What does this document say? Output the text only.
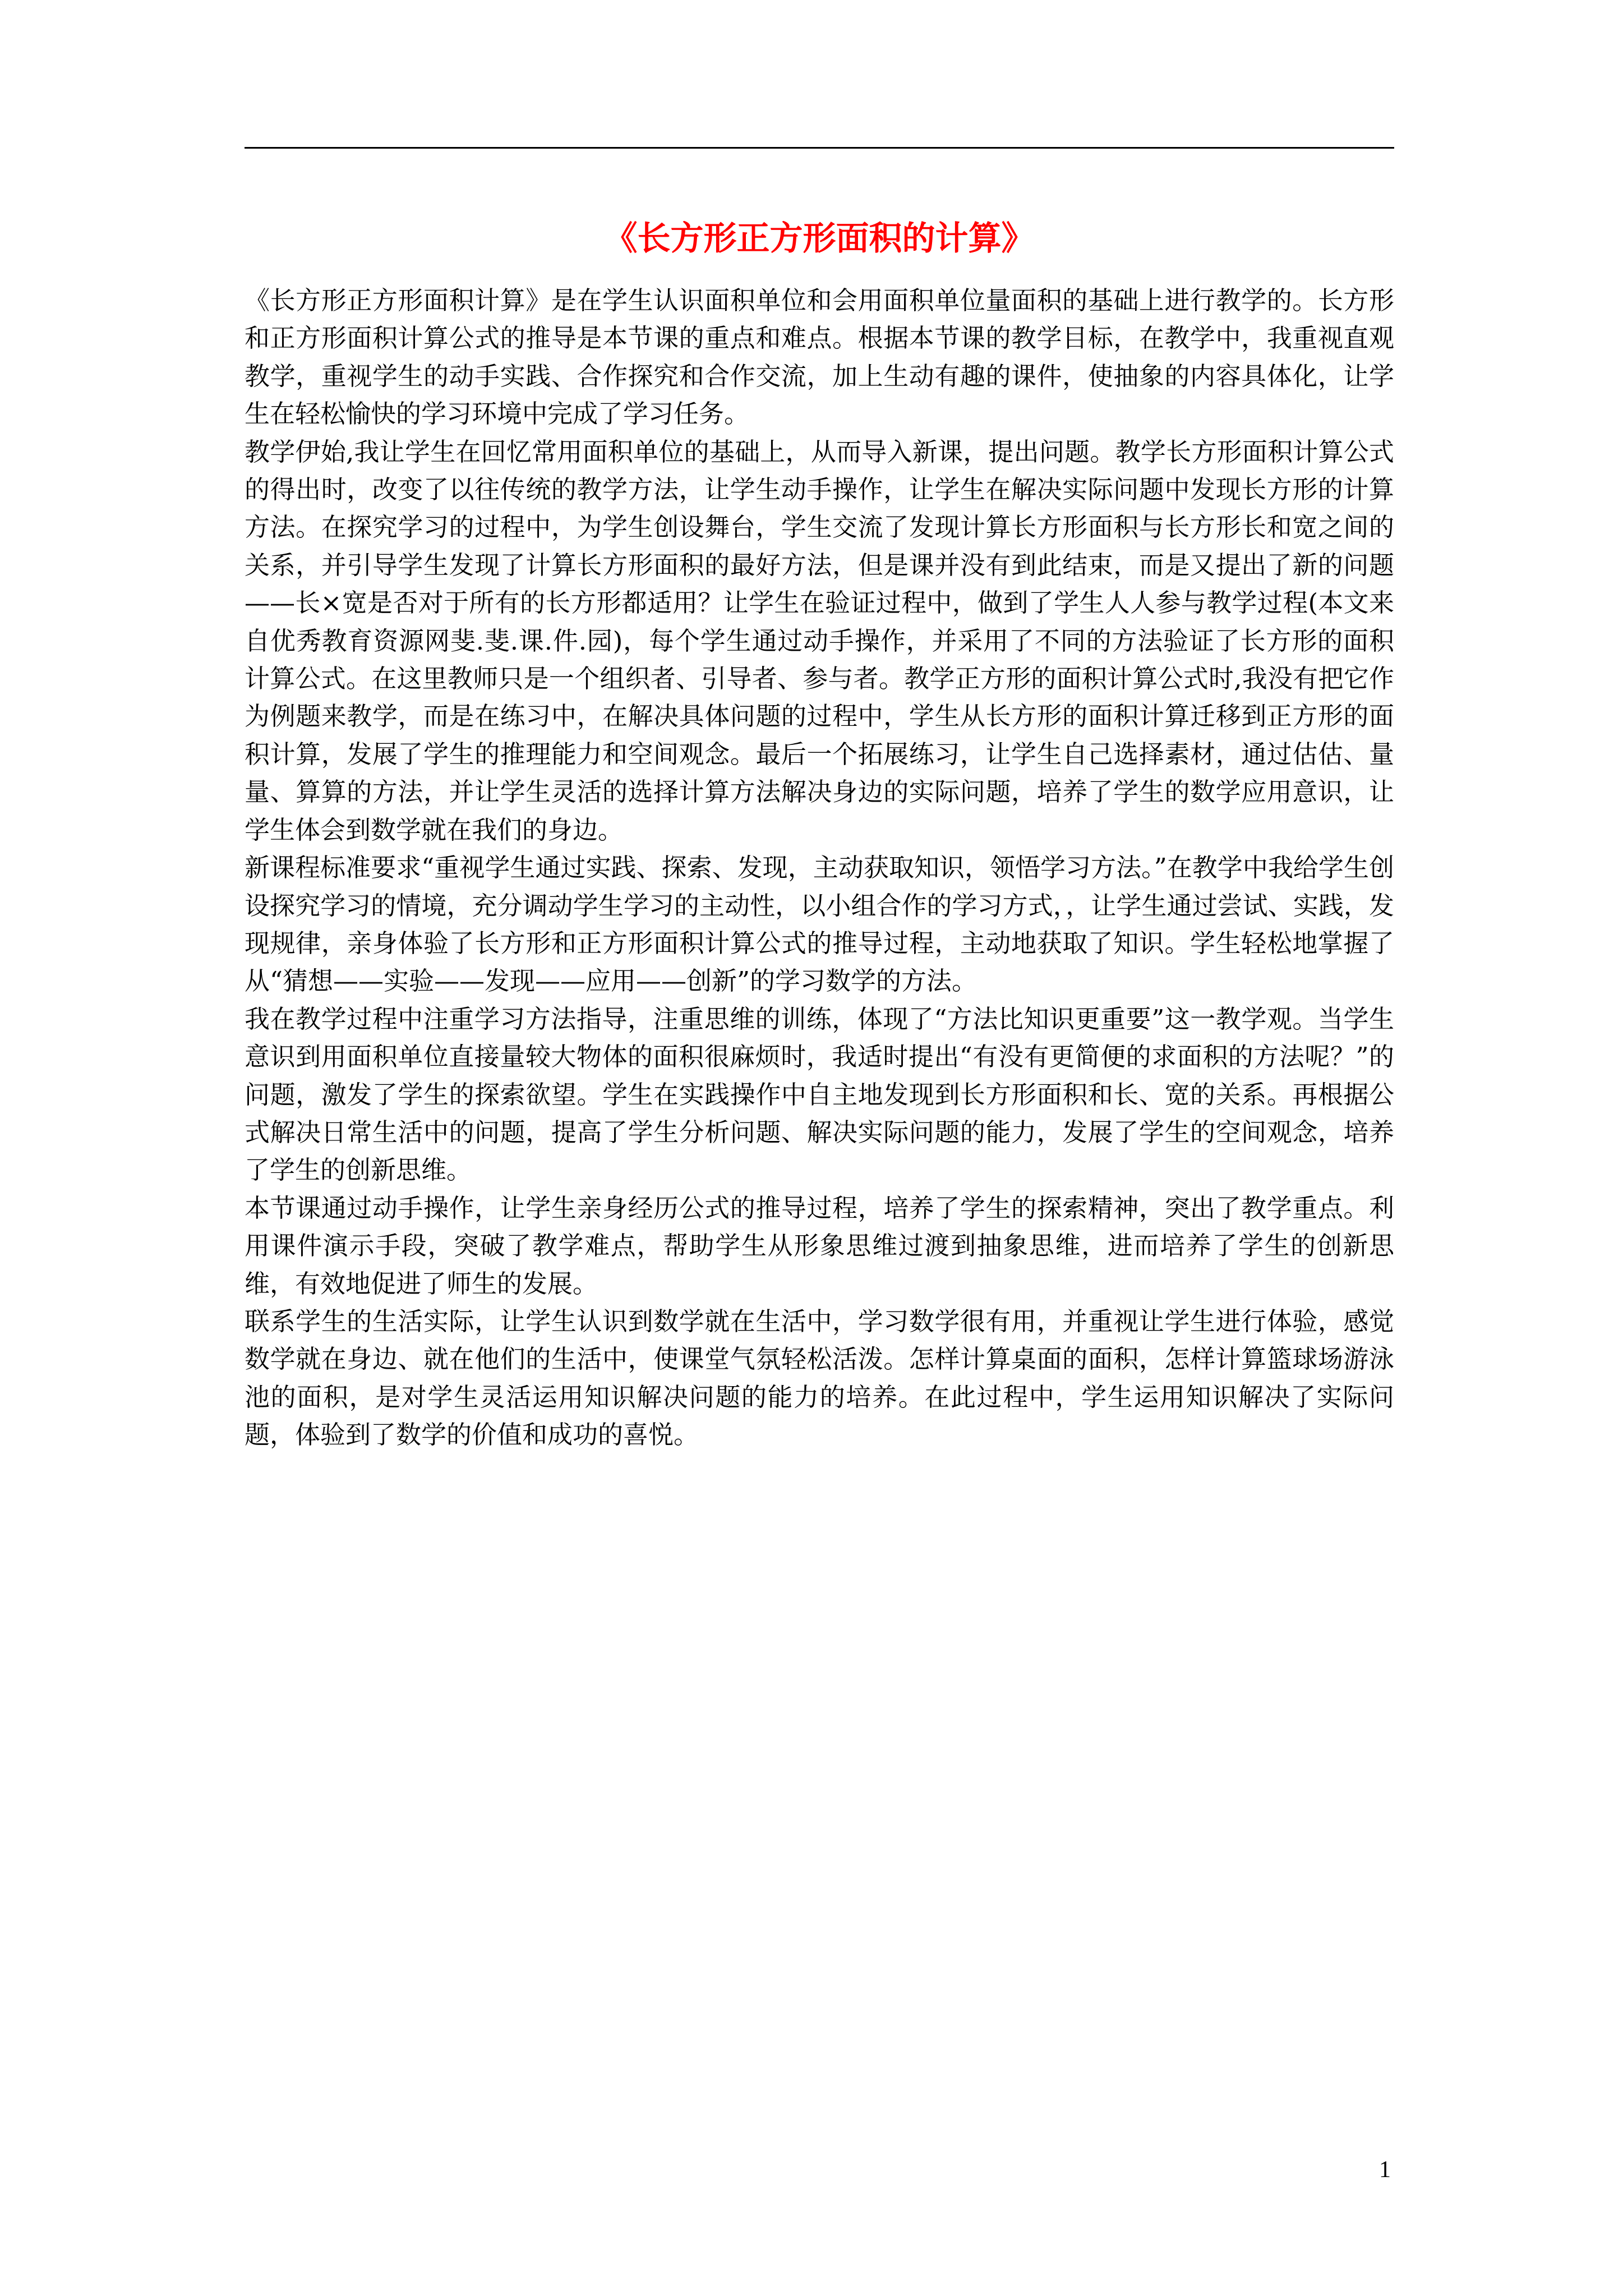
《长方形正方形面积的计算》

《长方形正方形面积计算》是在学生认识面积单位和会用面积单位量面积的基础上进行教学的。长方形和正方形面积计算公式的推导是本节课的重点和难点。根据本节课的教学目标，在教学中，我重视直观教学，重视学生的动手实践、合作探究和合作交流，加上生动有趣的课件，使抽象的内容具体化，让学生在轻松愉快的学习环境中完成了学习任务。

教学伊始,我让学生在回忆常用面积单位的基础上，从而导入新课，提出问题。教学长方形面积计算公式的得出时，改变了以往传统的教学方法，让学生动手操作，让学生在解决实际问题中发现长方形的计算方法。在探究学习的过程中，为学生创设舞台，学生交流了发现计算长方形面积与长方形长和宽之间的关系，并引导学生发现了计算长方形面积的最好方法，但是课并没有到此结束，而是又提出了新的问题——长×宽是否对于所有的长方形都适用？让学生在验证过程中，做到了学生人人参与教学过程(本文来自优秀教育资源网斐.斐.课.件.园)，每个学生通过动手操作，并采用了不同的方法验证了长方形的面积计算公式。在这里教师只是一个组织者、引导者、参与者。教学正方形的面积计算公式时,我没有把它作为例题来教学，而是在练习中，在解决具体问题的过程中，学生从长方形的面积计算迁移到正方形的面积计算，发展了学生的推理能力和空间观念。最后一个拓展练习，让学生自己选择素材，通过估估、量量、算算的方法，并让学生灵活的选择计算方法解决身边的实际问题，培养了学生的数学应用意识，让学生体会到数学就在我们的身边。

新课程标准要求“重视学生通过实践、探索、发现，主动获取知识，领悟学习方法。”在教学中我给学生创设探究学习的情境，充分调动学生学习的主动性，以小组合作的学习方式，，让学生通过尝试、实践，发现规律，亲身体验了长方形和正方形面积计算公式的推导过程，主动地获取了知识。学生轻松地掌握了从“猜想——实验——发现——应用——创新”的学习数学的方法。

我在教学过程中注重学习方法指导，注重思维的训练，体现了“方法比知识更重要”这一教学观。当学生意识到用面积单位直接量较大物体的面积很麻烦时，我适时提出“有没有更简便的求面积的方法呢？”的问题，激发了学生的探索欲望。学生在实践操作中自主地发现到长方形面积和长、宽的关系。再根据公式解决日常生活中的问题，提高了学生分析问题、解决实际问题的能力，发展了学生的空间观念，培养了学生的创新思维。

本节课通过动手操作，让学生亲身经历公式的推导过程，培养了学生的探索精神，突出了教学重点。利用课件演示手段，突破了教学难点，帮助学生从形象思维过渡到抽象思维，进而培养了学生的创新思维，有效地促进了师生的发展。

联系学生的生活实际，让学生认识到数学就在生活中，学习数学很有用，并重视让学生进行体验，感觉数学就在身边、就在他们的生活中，使课堂气氛轻松活泼。怎样计算桌面的面积，怎样计算篮球场游泳池的面积，是对学生灵活运用知识解决问题的能力的培养。在此过程中，学生运用知识解决了实际问题，体验到了数学的价值和成功的喜悦。

1
